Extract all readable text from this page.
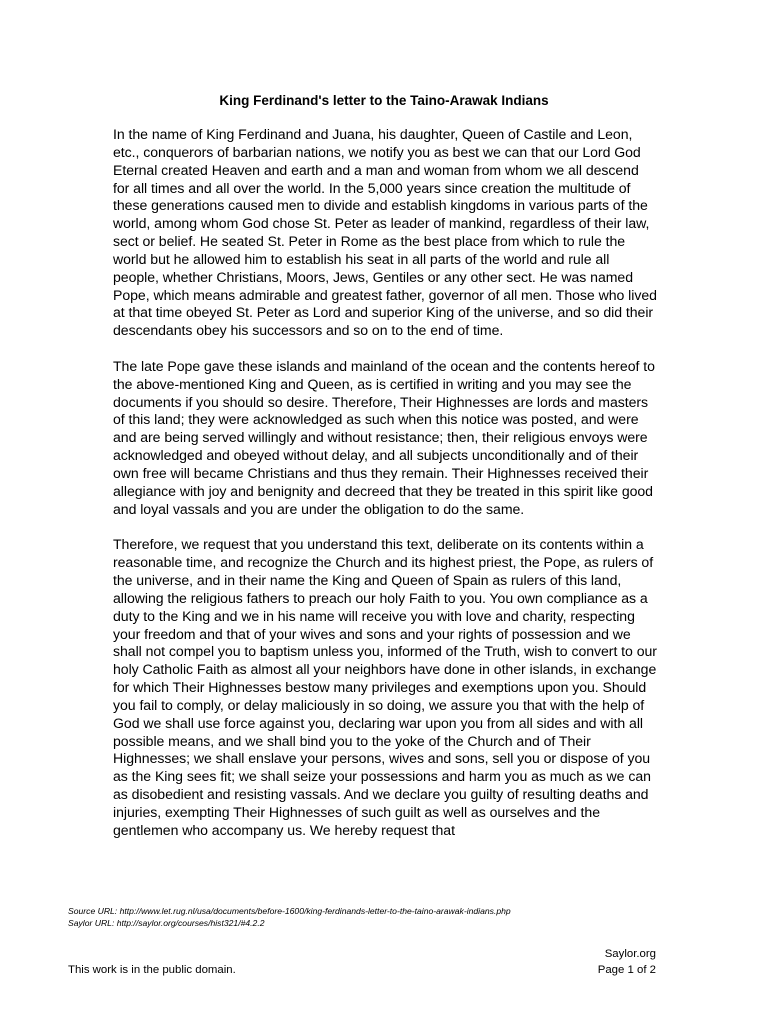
King Ferdinand's letter to the Taino-Arawak Indians

In the name of King Ferdinand and Juana, his daughter, Queen of Castile and Leon, etc., conquerors of barbarian nations, we notify you as best we can that our Lord God Eternal created Heaven and earth and a man and woman from whom we all descend for all times and all over the world. In the 5,000 years since creation the multitude of these generations caused men to divide and establish kingdoms in various parts of the world, among whom God chose St. Peter as leader of mankind, regardless of their law, sect or belief. He seated St. Peter in Rome as the best place from which to rule the world but he allowed him to establish his seat in all parts of the world and rule all people, whether Christians, Moors, Jews, Gentiles or any other sect. He was named Pope, which means admirable and greatest father, governor of all men. Those who lived at that time obeyed St. Peter as Lord and superior King of the universe, and so did their descendants obey his successors and so on to the end of time.

The late Pope gave these islands and mainland of the ocean and the contents hereof to the above-mentioned King and Queen, as is certified in writing and you may see the documents if you should so desire. Therefore, Their Highnesses are lords and masters of this land; they were acknowledged as such when this notice was posted, and were and are being served willingly and without resistance; then, their religious envoys were acknowledged and obeyed without delay, and all subjects unconditionally and of their own free will became Christians and thus they remain. Their Highnesses received their allegiance with joy and benignity and decreed that they be treated in this spirit like good and loyal vassals and you are under the obligation to do the same.

Therefore, we request that you understand this text, deliberate on its contents within a reasonable time, and recognize the Church and its highest priest, the Pope, as rulers of the universe, and in their name the King and Queen of Spain as rulers of this land, allowing the religious fathers to preach our holy Faith to you. You own compliance as a duty to the King and we in his name will receive you with love and charity, respecting your freedom and that of your wives and sons and your rights of possession and we shall not compel you to baptism unless you, informed of the Truth, wish to convert to our holy Catholic Faith as almost all your neighbors have done in other islands, in exchange for which Their Highnesses bestow many privileges and exemptions upon you. Should you fail to comply, or delay maliciously in so doing, we assure you that with the help of God we shall use force against you, declaring war upon you from all sides and with all possible means, and we shall bind you to the yoke of the Church and of Their Highnesses; we shall enslave your persons, wives and sons, sell you or dispose of you as the King sees fit; we shall seize your possessions and harm you as much as we can as disobedient and resisting vassals. And we declare you guilty of resulting deaths and injuries, exempting Their Highnesses of such guilt as well as ourselves and the gentlemen who accompany us. We hereby request that

Source URL: http://www.let.rug.nl/usa/documents/before-1600/king-ferdinands-letter-to-the-taino-arawak-indians.php
Saylor URL: http://saylor.org/courses/hist321/#4.2.2
This work is in the public domain.
Saylor.org
Page 1 of 2
